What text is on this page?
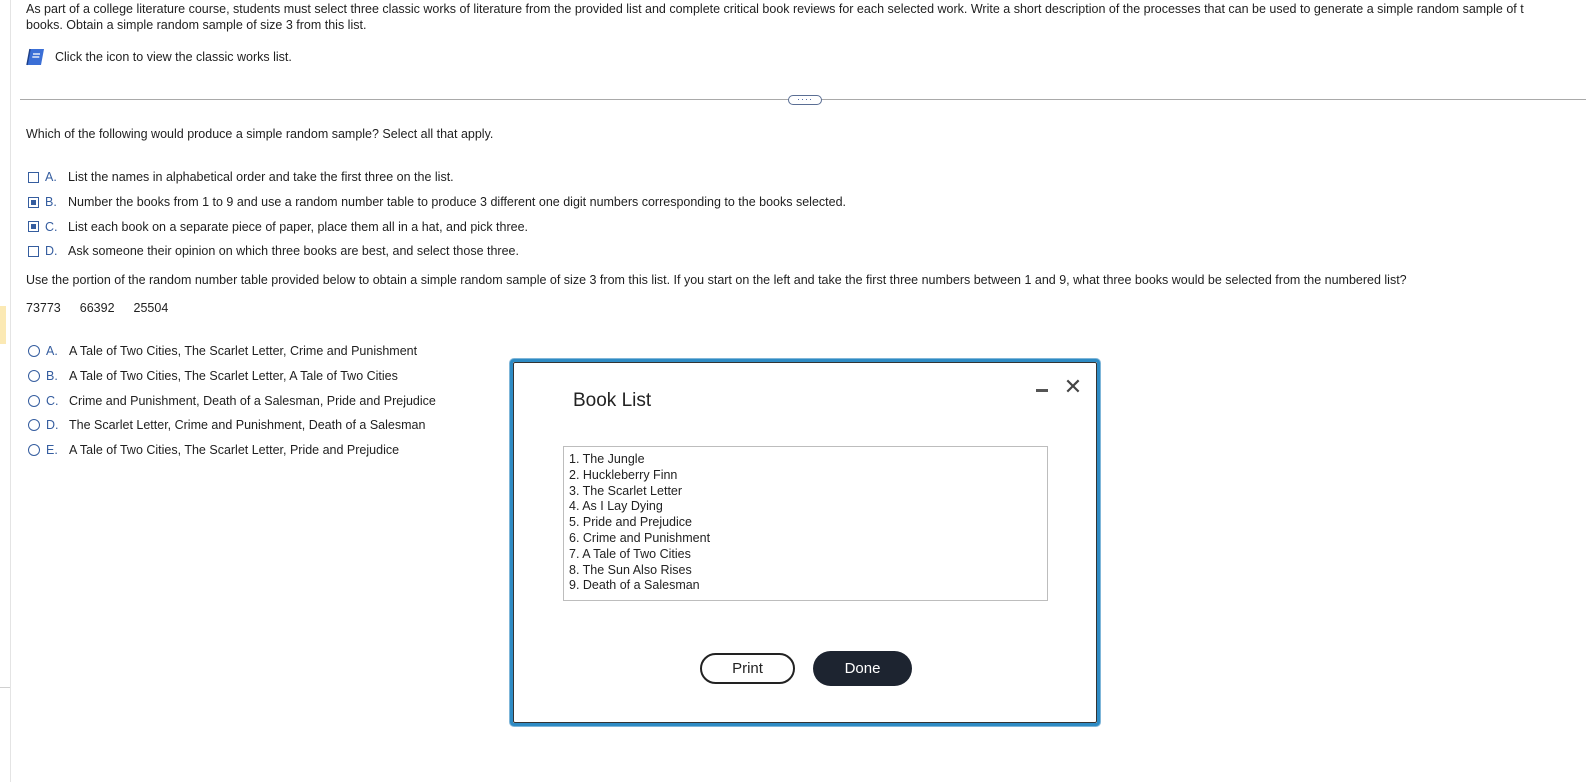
As part of a college literature course, students must select three classic works of literature from the provided list and complete critical book reviews for each selected work. Write a short description of the processes that can be used to generate a simple random sample of t
books. Obtain a simple random sample of size 3 from this list.
Click the icon to view the classic works list.
····
Which of the following would produce a simple random sample? Select all that apply.
A. List the names in alphabetical order and take the first three on the list.
B. Number the books from 1 to 9 and use a random number table to produce 3 different one digit numbers corresponding to the books selected.
C. List each book on a separate piece of paper, place them all in a hat, and pick three.
D. Ask someone their opinion on which three books are best, and select those three.
Use the portion of the random number table provided below to obtain a simple random sample of size 3 from this list. If you start on the left and take the first three numbers between 1 and 9, what three books would be selected from the numbered list?
73773 66392 25504
A. A Tale of Two Cities, The Scarlet Letter, Crime and Punishment
B. A Tale of Two Cities, The Scarlet Letter, A Tale of Two Cities
C. Crime and Punishment, Death of a Salesman, Pride and Prejudice
D. The Scarlet Letter, Crime and Punishment, Death of a Salesman
E. A Tale of Two Cities, The Scarlet Letter, Pride and Prejudice
Book List
✕
1. The Jungle
2. Huckleberry Finn
3. The Scarlet Letter
4. As I Lay Dying
5. Pride and Prejudice
6. Crime and Punishment
7. A Tale of Two Cities
8. The Sun Also Rises
9. Death of a Salesman
Print	Done
